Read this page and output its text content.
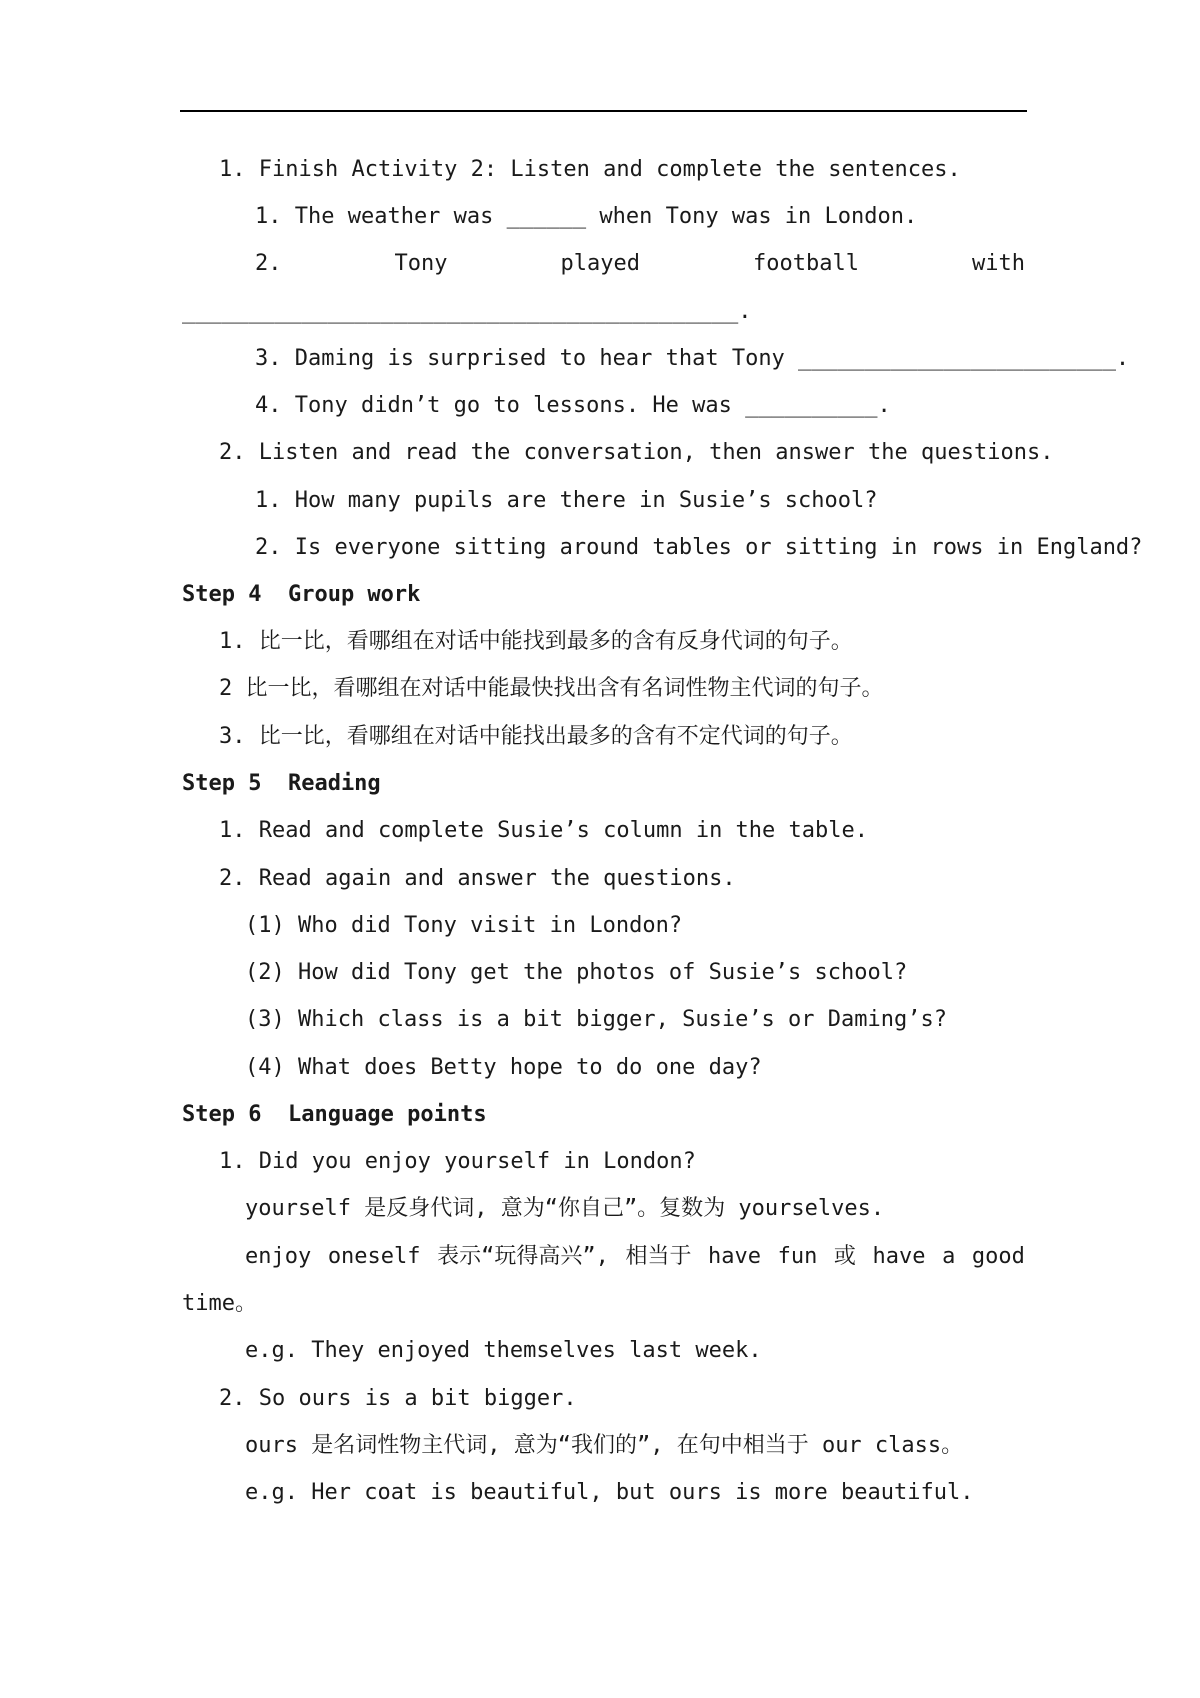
1. Finish Activity 2: Listen and complete the sentences.
1. The weather was ______ when Tony was in London.
2.	Tony	played	football	with
__________________________________________.
3. Daming is surprised to hear that Tony ________________________.
4. Tony didn’t go to lessons. He was __________.
2. Listen and read the conversation, then answer the questions.
1. How many pupils are there in Susie’s school?
2. Is everyone sitting around tables or sitting in rows in England?
Step 4  Group work
1. 比一比，看哪组在对话中能找到最多的含有反身代词的句子。
2 比一比，看哪组在对话中能最快找出含有名词性物主代词的句子。
3. 比一比，看哪组在对话中能找出最多的含有不定代词的句子。
Step 5  Reading
1. Read and complete Susie’s column in the table.
2. Read again and answer the questions.
(1) Who did Tony visit in London?
(2) How did Tony get the photos of Susie’s school?
(3) Which class is a bit bigger, Susie’s or Daming’s?
(4) What does Betty hope to do one day?
Step 6  Language points
1. Did you enjoy yourself in London?
yourself 是反身代词, 意为“你自己”。复数为 yourselves.
enjoy oneself 表示“玩得高兴”, 相当于 have fun 或 have a good
time。
e.g. They enjoyed themselves last week.
2. So ours is a bit bigger.
ours 是名词性物主代词, 意为“我们的”, 在句中相当于 our class。
e.g. Her coat is beautiful, but ours is more beautiful.
